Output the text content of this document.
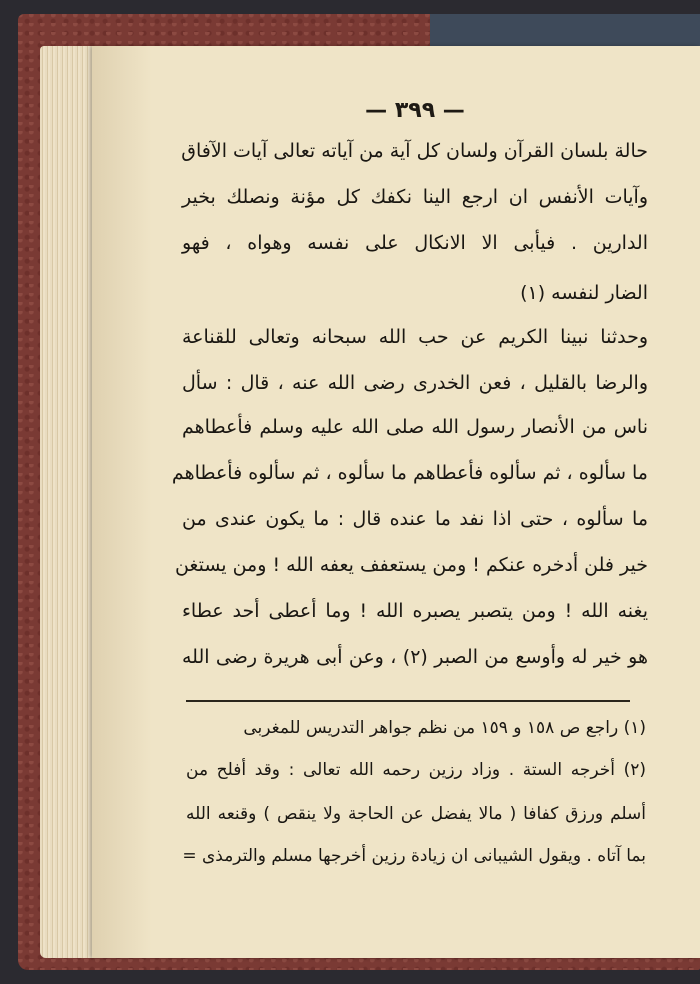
— ٣٩٩ —
حالة بلسان القرآن ولسان كل آية من آياته تعالى آيات الآفاق
وآيات الأنفس ان ارجع الينا نكفك كل مؤنة ونصلك بخير
الدارين . فيأبى الا الانكال على نفسه وهواه ، فهو
الضار لنفسه (١)
وحدثنا نبينا الكريم عن حب الله سبحانه وتعالى للقناعة
والرضا بالقليل ، فعن الخدرى رضى الله عنه ، قال : سأل
ناس من الأنصار رسول الله صلى الله عليه وسلم فأعطاهم
ما سألوه ، ثم سألوه فأعطاهم ما سألوه ، ثم سألوه فأعطاهم
ما سألوه ، حتى اذا نفد ما عنده قال : ما يكون عندى من
خير فلن أدخره عنكم ! ومن يستعفف يعفه الله ! ومن يستغن
يغنه الله ! ومن يتصبر يصبره الله ! وما أعطى أحد عطاء
هو خير له وأوسع من الصبر (٢) ، وعن أبى هريرة رضى الله
(١) راجع ص ١٥٨ و ١٥٩ من نظم جواهر التدريس للمغربى
(٢) أخرجه الستة . وزاد رزين رحمه الله تعالى : وقد أفلح من
أسلم ورزق كفافا ( مالا يفضل عن الحاجة ولا ينقص ) وقنعه الله
بما آتاه . ويقول الشيبانى ان زيادة رزين أخرجها مسلم والترمذى =
